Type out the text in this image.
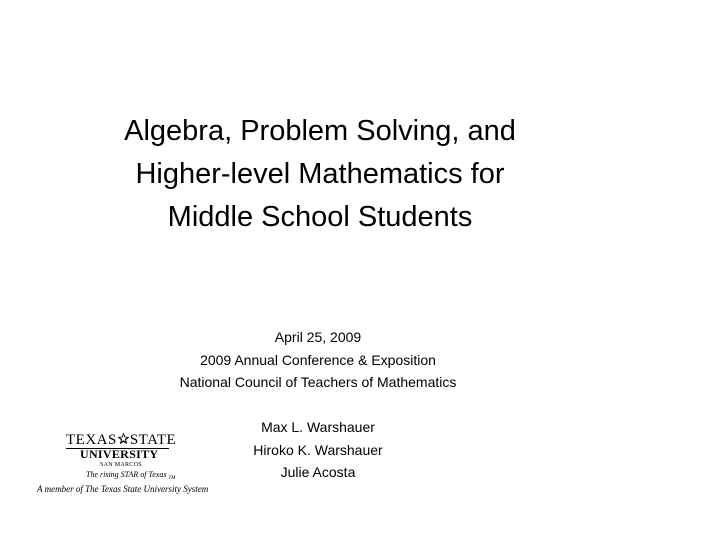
Algebra, Problem Solving, and
Higher-level Mathematics for
Middle School Students
April 25, 2009
2009 Annual Conference & Exposition
National Council of Teachers of Mathematics
Max L. Warshauer
Hiroko K. Warshauer
Julie Acosta
TEXAS STATE
UNIVERSITY
SAN MARCOS
The rising STAR of Texas $_{TM}$
A member of The Texas State University System
